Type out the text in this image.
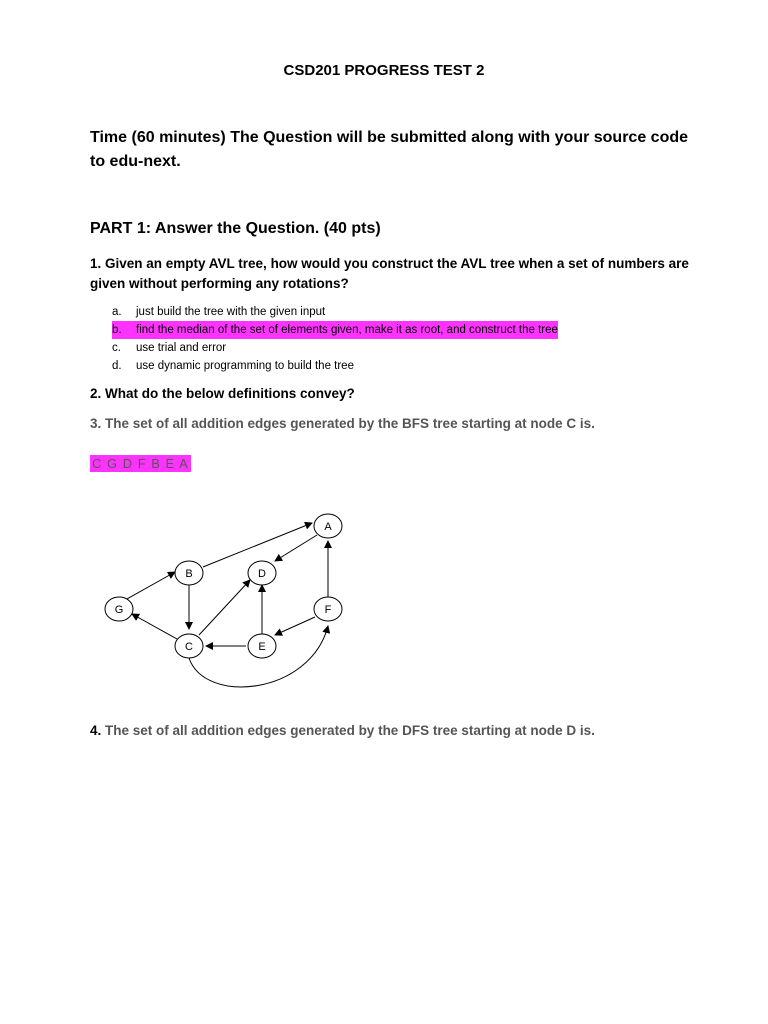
CSD201 PROGRESS TEST 2
Time (60 minutes) The Question will be submitted along with your source code to edu-next.
PART 1: Answer the Question. (40 pts)
1. Given an empty AVL tree, how would you construct the AVL tree when a set of numbers are given without performing any rotations?
a.	just build the tree with the given input
b.	find the median of the set of elements given, make it as root, and construct the tree
c.	use trial and error
d.	use dynamic programming to build the tree
2. What do the below definitions convey?
3. The set of all addition edges generated by the BFS tree starting at node C is.
C G D F B E A
A
B
C
D
E
F
G
4. The set of all addition edges generated by the DFS tree starting at node D is.
